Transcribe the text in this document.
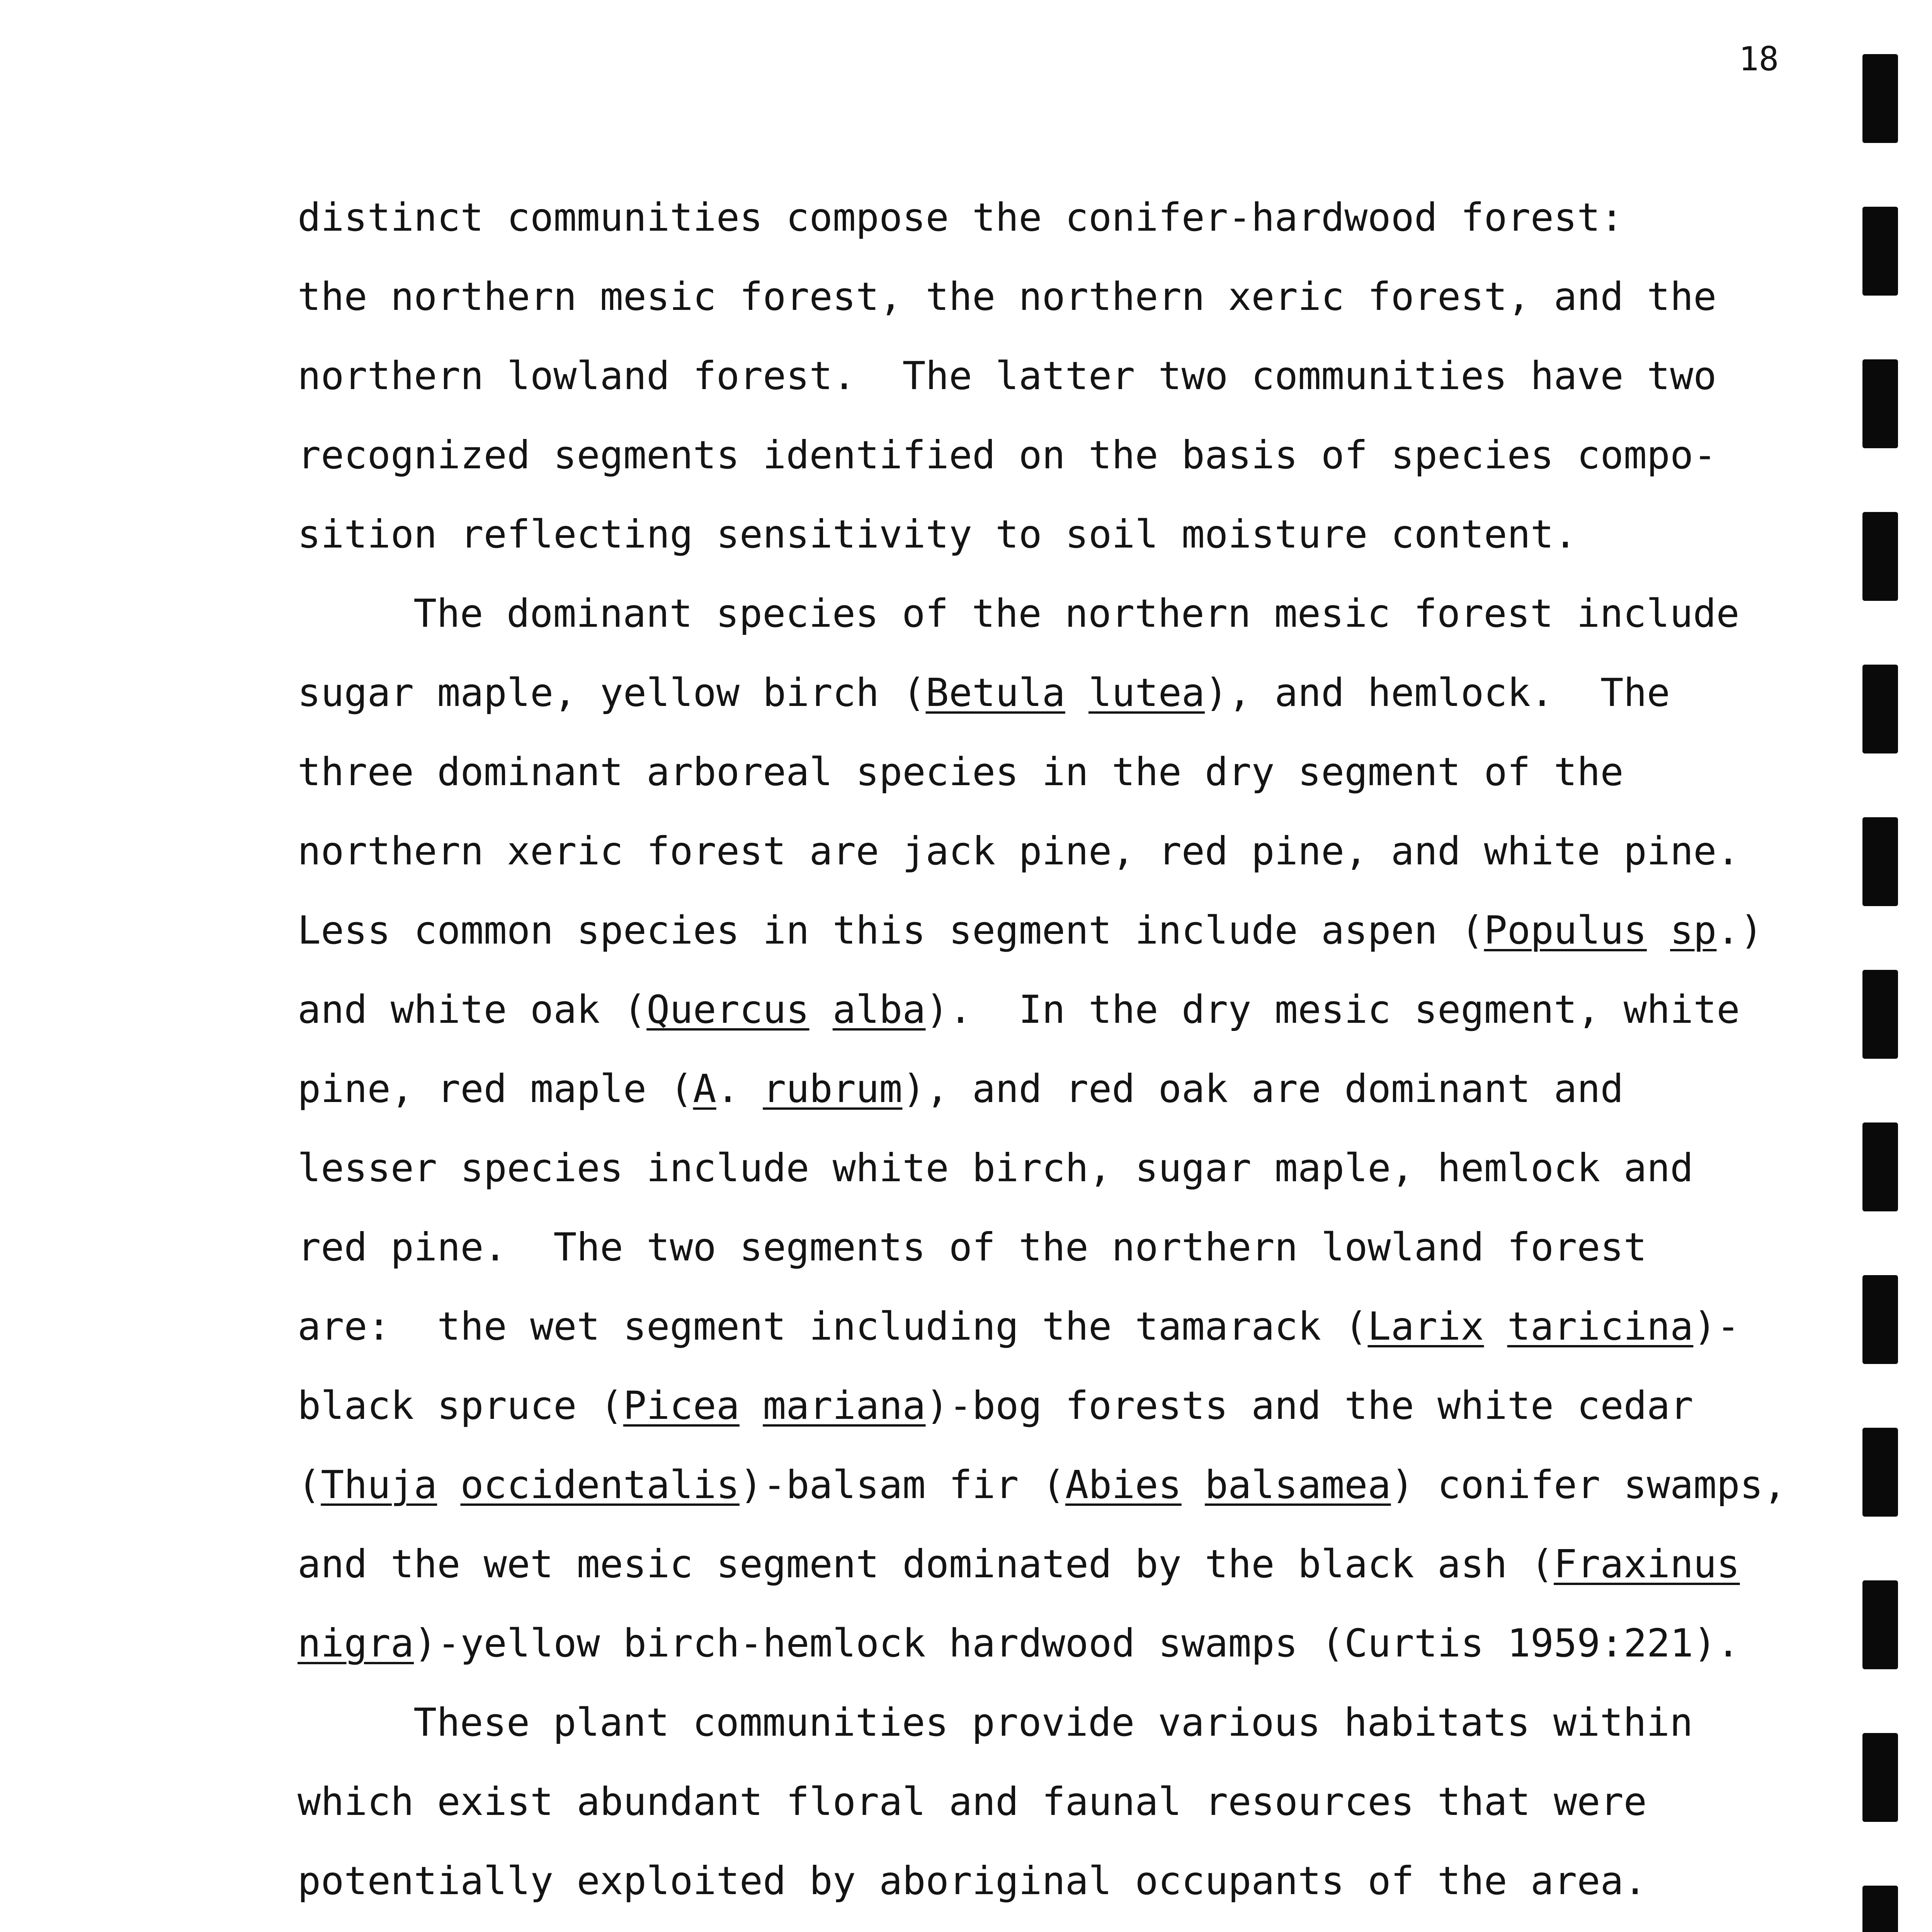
18
distinct communities compose the conifer-hardwood forest:
the northern mesic forest, the northern xeric forest, and the
northern lowland forest.  The latter two communities have two
recognized segments identified on the basis of species compo-
sition reflecting sensitivity to soil moisture content.
The dominant species of the northern mesic forest include
sugar maple, yellow birch (Betula lutea), and hemlock.  The
three dominant arboreal species in the dry segment of the
northern xeric forest are jack pine, red pine, and white pine.
Less common species in this segment include aspen (Populus sp.)
and white oak (Quercus alba).  In the dry mesic segment, white
pine, red maple (A. rubrum), and red oak are dominant and
lesser species include white birch, sugar maple, hemlock and
red pine.  The two segments of the northern lowland forest
are:  the wet segment including the tamarack (Larix taricina)-
black spruce (Picea mariana)-bog forests and the white cedar
(Thuja occidentalis)-balsam fir (Abies balsamea) conifer swamps,
and the wet mesic segment dominated by the black ash (Fraxinus
nigra)-yellow birch-hemlock hardwood swamps (Curtis 1959:221).
These plant communities provide various habitats within
which exist abundant floral and faunal resources that were
potentially exploited by aboriginal occupants of the area.
